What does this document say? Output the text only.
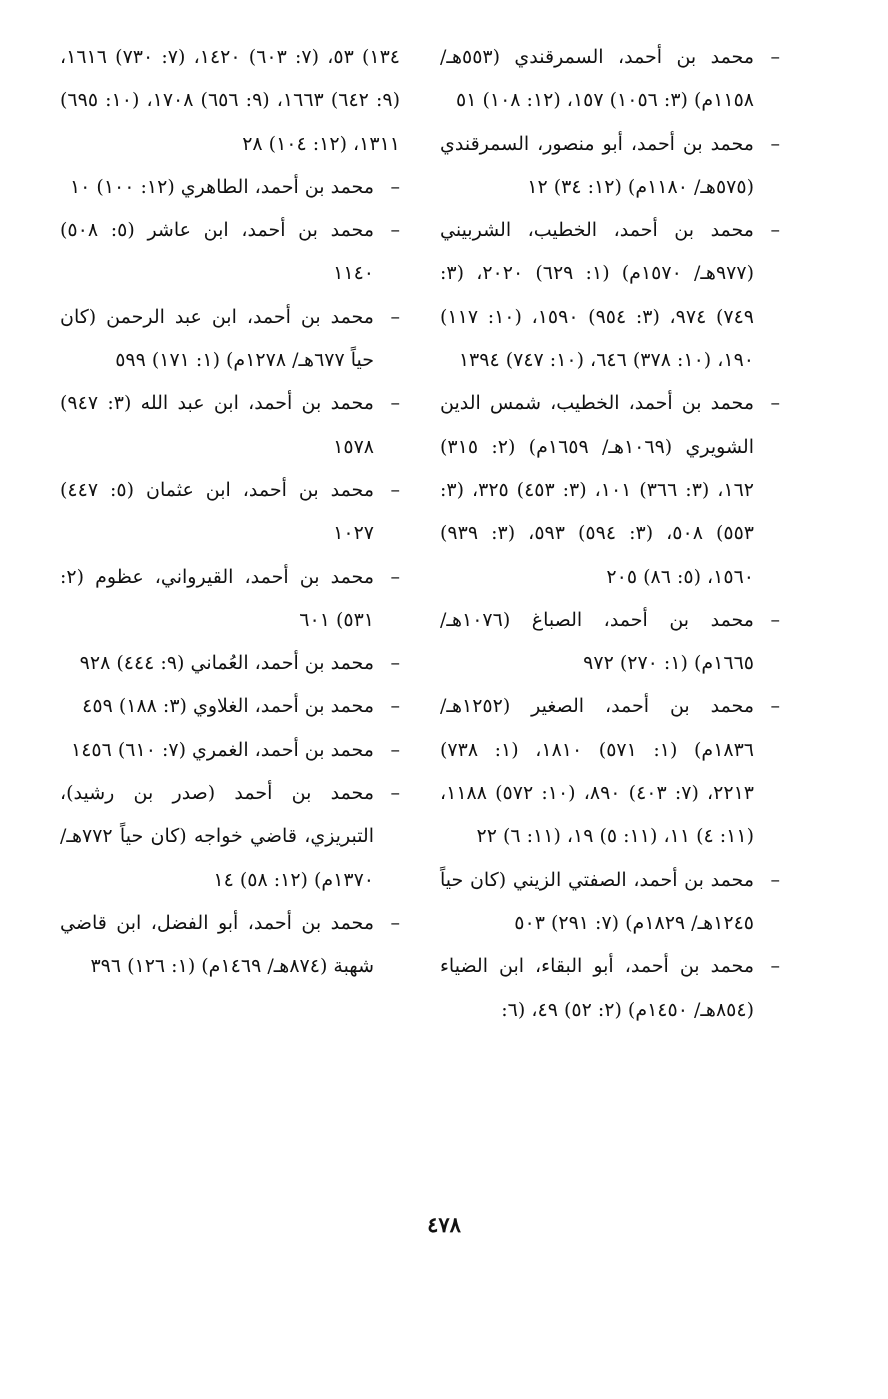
–
محمد بن أحمد، السمرقندي (٥٥٣هـ/ ١١٥٨م) (٣: ١٠٥٦) ١٥٧، (١٢: ١٠٨) ٥١

–
محمد بن أحمد، أبو منصور، السمرقندي (٥٧٥هـ/ ١١٨٠م) (١٢: ٣٤) ١٢

–
محمد بن أحمد، الخطيب، الشربيني (٩٧٧هـ/ ١٥٧٠م) (١: ٦٢٩) ٢٠٢٠، (٣: ٧٤٩) ٩٧٤، (٣: ٩٥٤) ١٥٩٠، (١٠: ١١٧) ١٩٠، (١٠: ٣٧٨) ٦٤٦، (١٠: ٧٤٧) ١٣٩٤

–
محمد بن أحمد، الخطيب، شمس الدين الشويري (١٠٦٩هـ/ ١٦٥٩م) (٢: ٣١٥) ١٦٢، (٣: ٣٦٦) ١٠١، (٣: ٤٥٣) ٣٢٥، (٣: ٥٥٣) ٥٠٨، (٣: ٥٩٤) ٥٩٣، (٣: ٩٣٩) ١٥٦٠، (٥: ٨٦) ٢٠٥

–
محمد بن أحمد، الصباغ (١٠٧٦هـ/ ١٦٦٥م) (١: ٢٧٠) ٩٧٢

–
محمد بن أحمد، الصغير (١٢٥٢هـ/ ١٨٣٦م) (١: ٥٧١) ١٨١٠، (١: ٧٣٨) ٢٢١٣، (٧: ٤٠٣) ٨٩٠، (١٠: ٥٧٢) ١١٨٨، (١١: ٤) ١١، (١١: ٥) ١٩، (١١: ٦) ٢٢

–
محمد بن أحمد، الصفتي الزيني (كان حياً ١٢٤٥هـ/ ١٨٢٩م) (٧: ٢٩١) ٥٠٣

–
محمد بن أحمد، أبو البقاء، ابن الضياء (٨٥٤هـ/ ١٤٥٠م) (٢: ٥٢) ٤٩، (٦:

١٣٤) ٥٣، (٧: ٦٠٣) ١٤٢٠، (٧: ٧٣٠) ١٦١٦، (٩: ٦٤٢) ١٦٦٣، (٩: ٦٥٦) ١٧٠٨، (١٠: ٦٩٥) ١٣١١، (١٢: ١٠٤) ٢٨

–
محمد بن أحمد، الطاهري (١٢: ١٠٠) ١٠

–
محمد بن أحمد، ابن عاشر (٥: ٥٠٨) ١١٤٠

–
محمد بن أحمد، ابن عبد الرحمن (كان حياً ٦٧٧هـ/ ١٢٧٨م) (١: ١٧١) ٥٩٩

–
محمد بن أحمد، ابن عبد الله (٣: ٩٤٧) ١٥٧٨

–
محمد بن أحمد، ابن عثمان (٥: ٤٤٧) ١٠٢٧

–
محمد بن أحمد، القيرواني، عظوم (٢: ٥٣١) ٦٠١

–
محمد بن أحمد، العُماني (٩: ٤٤٤) ٩٢٨

–
محمد بن أحمد، الغلاوي (٣: ١٨٨) ٤٥٩

–
محمد بن أحمد، الغمري (٧: ٦١٠) ١٤٥٦

–
محمد بن أحمد (صدر بن رشيد)، التبريزي، قاضي خواجه (كان حياً ٧٧٢هـ/ ١٣٧٠م) (١٢: ٥٨) ١٤

–
محمد بن أحمد، أبو الفضل، ابن قاضي شهبة (٨٧٤هـ/ ١٤٦٩م) (١: ١٢٦) ٣٩٦

٤٧٨
